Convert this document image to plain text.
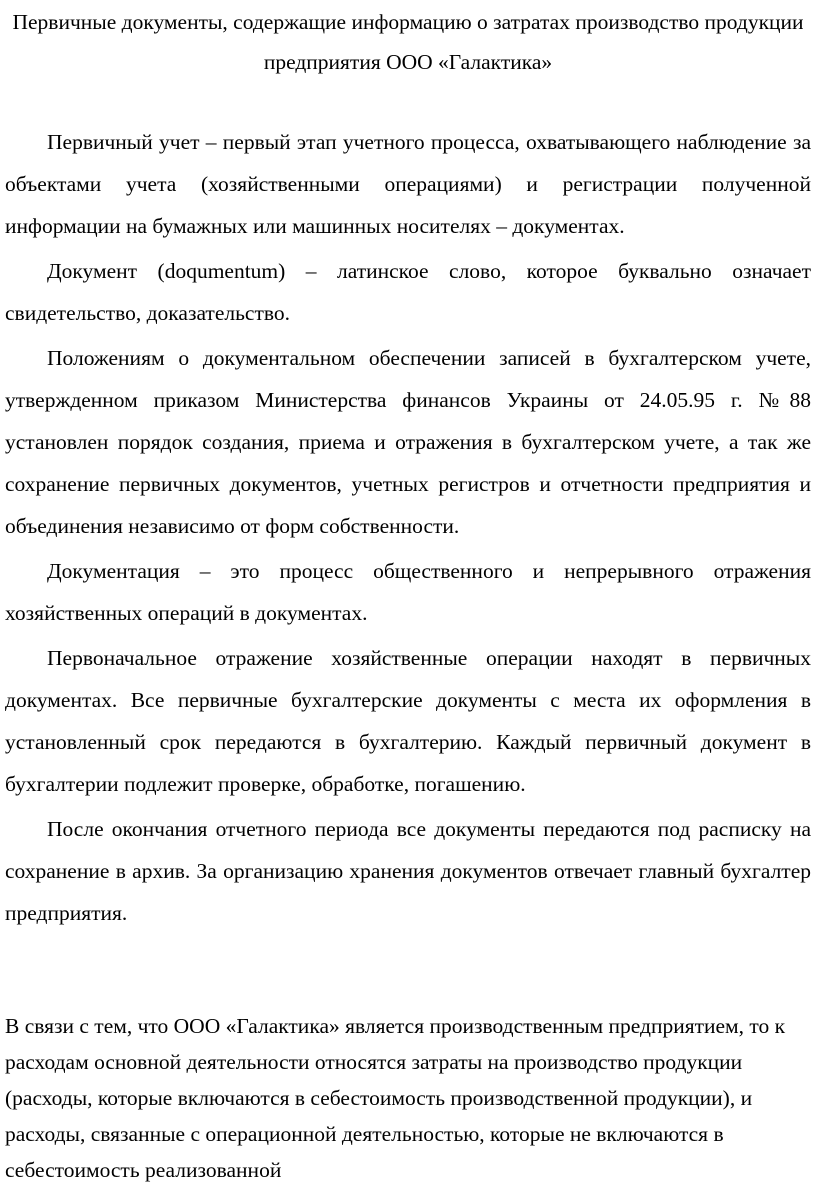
Первичные документы, содержащие информацию о затратах производство продукции предприятия ООО «Галактика»

Первичный учет – первый этап учетного процесса, охватывающего наблюдение за объектами учета (хозяйственными операциями) и регистрации полученной информации на бумажных или машинных носителях – документах.

Документ (doqumentum) – латинское слово, которое буквально означает свидетельство, доказательство.

Положениям о документальном обеспечении записей в бухгалтерском учете, утвержденном приказом Министерства финансов Украины от 24.05.95 г. №88 установлен порядок создания, приема и отражения в бухгалтерском учете, а так же сохранение первичных документов, учетных регистров и отчетности предприятия и объединения независимо от форм собственности.

Документация – это процесс общественного и непрерывного отражения хозяйственных операций в документах.

Первоначальное отражение хозяйственные операции находят в первичных документах. Все первичные бухгалтерские документы с места их оформления в установленный срок передаются в бухгалтерию. Каждый первичный документ в бухгалтерии подлежит проверке, обработке, погашению.

После окончания отчетного периода все документы передаются под расписку на сохранение в архив. За организацию хранения документов отвечает главный бухгалтер предприятия.

В связи с тем, что ООО «Галактика» является производственным предприятием, то к расходам основной деятельности относятся затраты на производство продукции (расходы, которые включаются в себестоимость производственной продукции), и расходы, связанные с операционной деятельностью, которые не включаются в себестоимость реализованной
